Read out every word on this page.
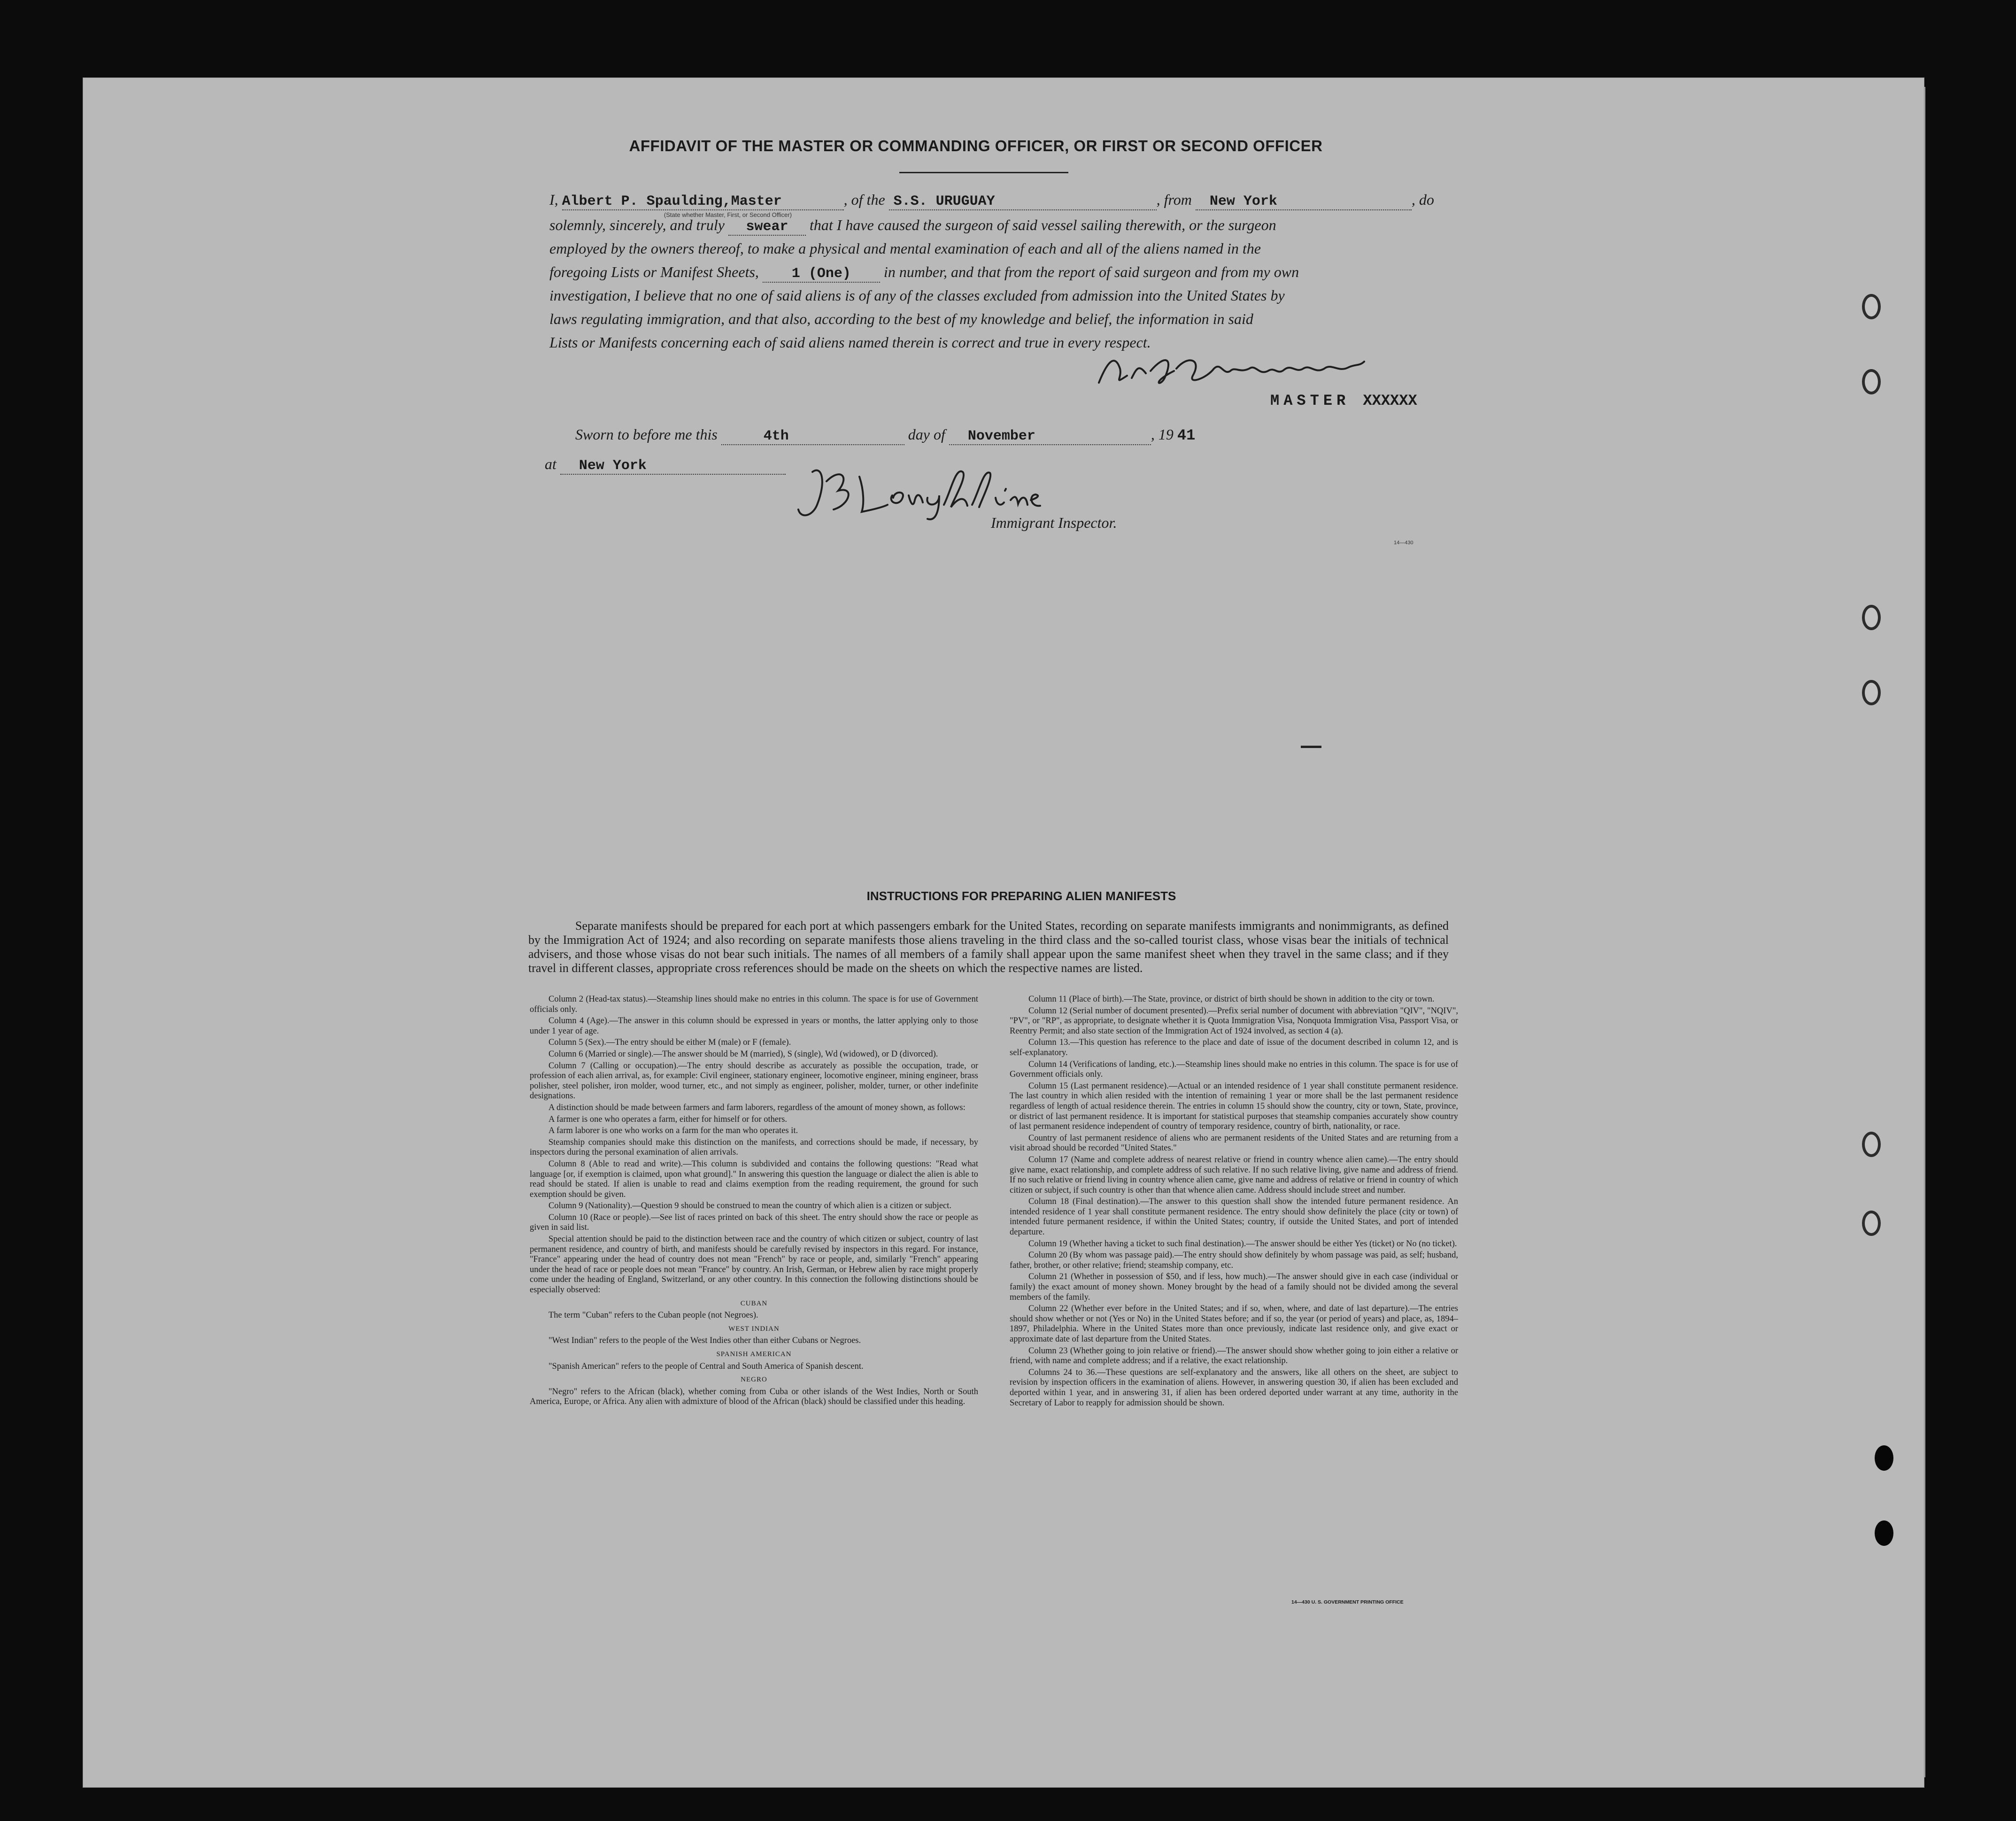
AFFIDAVIT OF THE MASTER OR COMMANDING OFFICER, OR FIRST OR SECOND OFFICER
I, Albert P. Spaulding,Master	, of the S.S. URUGUAY	, from New York	, do
(State whether Master, First, or Second Officer)
solemnly, sincerely, and truly swear that I have caused the surgeon of said vessel sailing therewith, or the surgeon
employed by the owners thereof, to make a physical and mental examination of each and all of the aliens named in the
foregoing Lists or Manifest Sheets, 1 (One) in number, and that from the report of said surgeon and from my own
investigation, I believe that no one of said aliens is of any of the classes excluded from admission into the United States by
laws regulating immigration, and that also, according to the best of my knowledge and belief, the information in said
Lists or Manifests concerning each of said aliens named therein is correct and true in every respect.
MASTER XXXXXX
Sworn to before me this	4th	day of November	, 19 41
at New York
Immigrant Inspector.
14—430
INSTRUCTIONS FOR PREPARING ALIEN MANIFESTS
Separate manifests should be prepared for each port at which passengers embark for the United States, recording on separate manifests immigrants and nonimmigrants, as defined by the Immigration Act of 1924; and also recording on separate manifests those aliens traveling in the third class and the so-called tourist class, whose visas bear the initials of technical advisers, and those whose visas do not bear such initials. The names of all members of a family shall appear upon the same manifest sheet when they travel in the same class; and if they travel in different classes, appropriate cross references should be made on the sheets on which the respective names are listed.

Column 2 (Head-tax status).—Steamship lines should make no entries in this column. The space is for use of Government officials only.

Column 4 (Age).—The answer in this column should be expressed in years or months, the latter applying only to those under 1 year of age.

Column 5 (Sex).—The entry should be either M (male) or F (female).

Column 6 (Married or single).—The answer should be M (married), S (single), Wd (widowed), or D (divorced).

Column 7 (Calling or occupation).—The entry should describe as accurately as possible the occupation, trade, or profession of each alien arrival, as, for example: Civil engineer, stationary engineer, locomotive engineer, mining engineer, brass polisher, steel polisher, iron molder, wood turner, etc., and not simply as engineer, polisher, molder, turner, or other indefinite designations.

A distinction should be made between farmers and farm laborers, regardless of the amount of money shown, as follows:

A farmer is one who operates a farm, either for himself or for others.

A farm laborer is one who works on a farm for the man who operates it.

Steamship companies should make this distinction on the manifests, and corrections should be made, if necessary, by inspectors during the personal examination of alien arrivals.

Column 8 (Able to read and write).—This column is subdivided and contains the following questions: "Read what language [or, if exemption is claimed, upon what ground]." In answering this question the language or dialect the alien is able to read should be stated. If alien is unable to read and claims exemption from the reading requirement, the ground for such exemption should be given.

Column 9 (Nationality).—Question 9 should be construed to mean the country of which alien is a citizen or subject.

Column 10 (Race or people).—See list of races printed on back of this sheet. The entry should show the race or people as given in said list.

Special attention should be paid to the distinction between race and the country of which citizen or subject, country of last permanent residence, and country of birth, and manifests should be carefully revised by inspectors in this regard. For instance, "France" appearing under the head of country does not mean "French" by race or people, and, similarly "French" appearing under the head of race or people does not mean "France" by country. An Irish, German, or Hebrew alien by race might properly come under the heading of England, Switzerland, or any other country. In this connection the following distinctions should be especially observed:

CUBAN

The term "Cuban" refers to the Cuban people (not Negroes).

WEST INDIAN

"West Indian" refers to the people of the West Indies other than either Cubans or Negroes.

SPANISH AMERICAN

"Spanish American" refers to the people of Central and South America of Spanish descent.

NEGRO

"Negro" refers to the African (black), whether coming from Cuba or other islands of the West Indies, North or South America, Europe, or Africa. Any alien with admixture of blood of the African (black) should be classified under this heading.

Column 11 (Place of birth).—The State, province, or district of birth should be shown in addition to the city or town.

Column 12 (Serial number of document presented).—Prefix serial number of document with abbreviation "QIV", "NQIV", "PV", or "RP", as appropriate, to designate whether it is Quota Immigration Visa, Nonquota Immigration Visa, Passport Visa, or Reentry Permit; and also state section of the Immigration Act of 1924 involved, as section 4 (a).

Column 13.—This question has reference to the place and date of issue of the document described in column 12, and is self-explanatory.

Column 14 (Verifications of landing, etc.).—Steamship lines should make no entries in this column. The space is for use of Government officials only.

Column 15 (Last permanent residence).—Actual or an intended residence of 1 year shall constitute permanent residence. The last country in which alien resided with the intention of remaining 1 year or more shall be the last permanent residence regardless of length of actual residence therein. The entries in column 15 should show the country, city or town, State, province, or district of last permanent residence. It is important for statistical purposes that steamship companies accurately show country of last permanent residence independent of country of temporary residence, country of birth, nationality, or race.

Country of last permanent residence of aliens who are permanent residents of the United States and are returning from a visit abroad should be recorded "United States."

Column 17 (Name and complete address of nearest relative or friend in country whence alien came).—The entry should give name, exact relationship, and complete address of such relative. If no such relative living, give name and address of friend. If no such relative or friend living in country whence alien came, give name and address of relative or friend in country of which citizen or subject, if such country is other than that whence alien came. Address should include street and number.

Column 18 (Final destination).—The answer to this question shall show the intended future permanent residence. An intended residence of 1 year shall constitute permanent residence. The entry should show definitely the place (city or town) of intended future permanent residence, if within the United States; country, if outside the United States, and port of intended departure.

Column 19 (Whether having a ticket to such final destination).—The answer should be either Yes (ticket) or No (no ticket).

Column 20 (By whom was passage paid).—The entry should show definitely by whom passage was paid, as self; husband, father, brother, or other relative; friend; steamship company, etc.

Column 21 (Whether in possession of $50, and if less, how much).—The answer should give in each case (individual or family) the exact amount of money shown. Money brought by the head of a family should not be divided among the several members of the family.

Column 22 (Whether ever before in the United States; and if so, when, where, and date of last departure).—The entries should show whether or not (Yes or No) in the United States before; and if so, the year (or period of years) and place, as, 1894–1897, Philadelphia. Where in the United States more than once previously, indicate last residence only, and give exact or approximate date of last departure from the United States.

Column 23 (Whether going to join relative or friend).—The answer should show whether going to join either a relative or friend, with name and complete address; and if a relative, the exact relationship.

Columns 24 to 36.—These questions are self-explanatory and the answers, like all others on the sheet, are subject to revision by inspection officers in the examination of aliens. However, in answering question 30, if alien has been excluded and deported within 1 year, and in answering 31, if alien has been ordered deported under warrant at any time, authority in the Secretary of Labor to reapply for admission should be shown.

14—430 U. S. GOVERNMENT PRINTING OFFICE
